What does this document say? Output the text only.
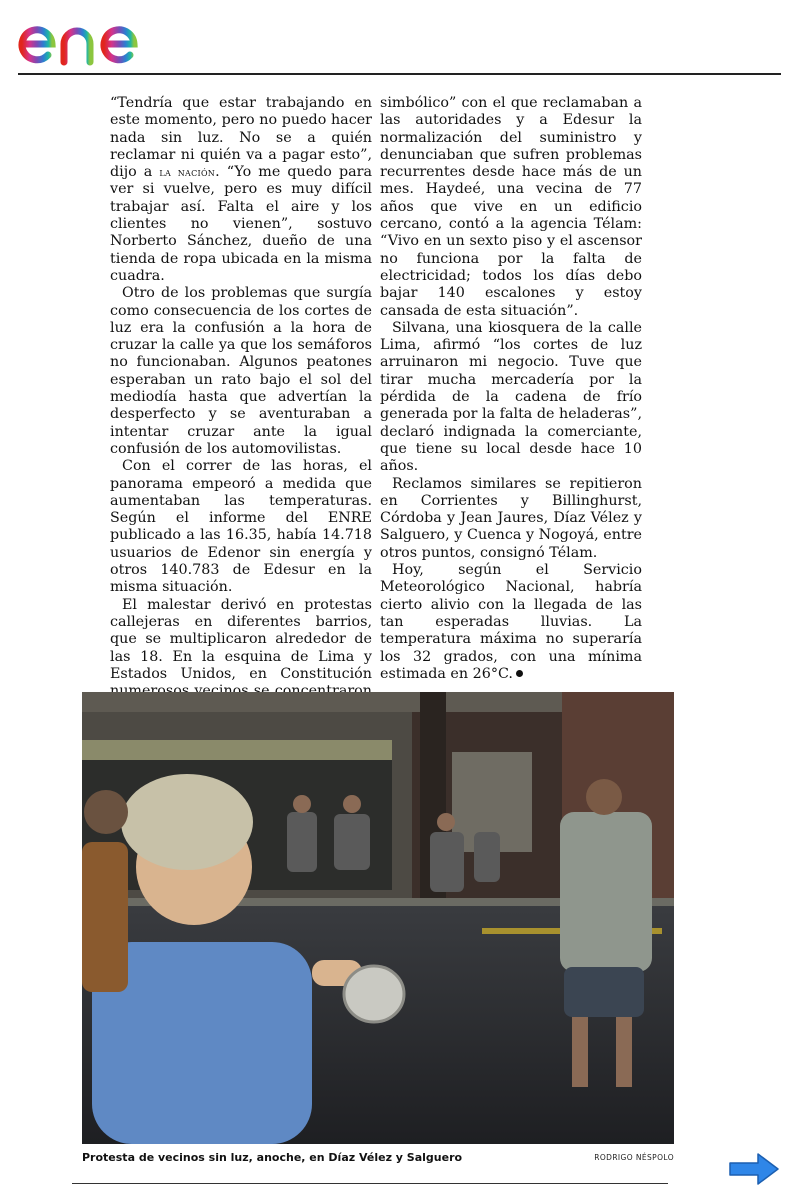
“Tendría que estar trabajando en este momento, pero no puedo hacer nada sin luz. No se a quién reclamar ni quién va a pagar esto”, dijo a la nación. “Yo me quedo para ver si vuelve, pero es muy difícil trabajar así. Falta el aire y los clientes no vienen”, sostuvo Norberto Sánchez, dueño de una tienda de ropa ubicada en la misma cuadra.

Otro de los problemas que surgía como consecuencia de los cortes de luz era la confusión a la hora de cruzar la calle ya que los semáforos no funcionaban. Algunos peatones esperaban un rato bajo el sol del mediodía hasta que advertían la desperfecto y se aventuraban a intentar cruzar ante la igual confusión de los automovilistas.

Con el correr de las horas, el panorama empeoró a medida que aumentaban las temperaturas. Según el informe del ENRE publicado a las 16.35, había 14.718 usuarios de Edenor sin energía y otros 140.783 de Edesur en la misma situación.

El malestar derivó en protestas callejeras en diferentes barrios, que se multiplicaron alrededor de las 18. En la esquina de Lima y Estados Unidos, en Constitución

simbólico” con el que reclamaban a las autoridades y a Edesur la normalización del suministro y denunciaban que sufren problemas recurrentes desde hace más de un mes. Haydeé, una vecina de 77 años que vive en un edificio cercano, contó a la agencia Télam: “Vivo en un sexto piso y el ascensor no funciona por la falta de electricidad; todos los días debo bajar 140 escalones y estoy cansada de esta situación”.

Silvana, una kiosquera de la calle Lima, afirmó “los cortes de luz arruinaron mi negocio. Tuve que tirar mucha mercadería por la pérdida de la cadena de frío generada por la falta de heladeras”, declaró indignada la comerciante, que tiene su local desde hace 10 años.

Reclamos similares se repitieron en Corrientes y Billinghurst, Córdoba y Jean Jaures, Díaz Vélez y Salguero, y Cuenca y Nogoyá, entre otros puntos, consignó Télam.

Hoy, según el Servicio Meteorológico Nacional, habría cierto alivio con la llegada de las tan esperadas lluvias. La temperatura máxima no superaría los 32 grados, con una mínima estimada en 26°C.

Protesta de vecinos sin luz, anoche, en Díaz Vélez y Salguero	RODRIGO NÉSPOLO
